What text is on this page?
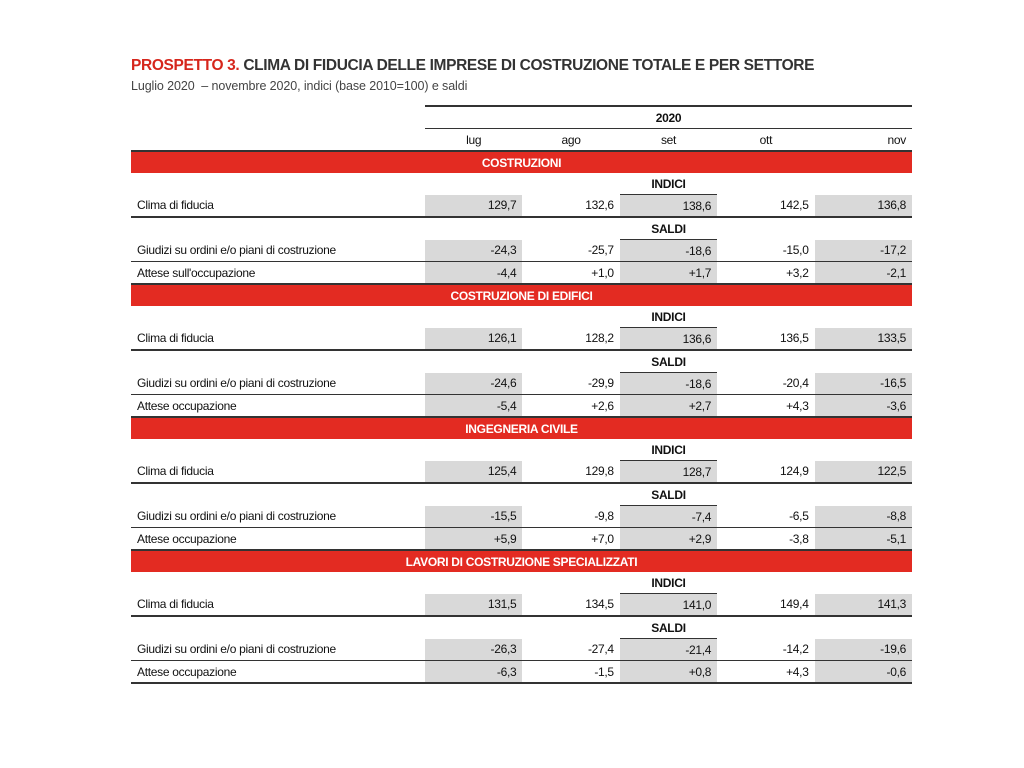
PROSPETTO 3. CLIMA DI FIDUCIA DELLE IMPRESE DI COSTRUZIONE TOTALE E PER SETTORE
Luglio 2020  – novembre 2020, indici (base 2010=100) e saldi
	2020				
	lug	ago	set	ott	nov
COSTRUZIONI					
			INDICI		
Clima di fiducia	129,7	132,6	138,6	142,5	136,8
			SALDI		
Giudizi su ordini e/o piani di costruzione	-24,3	-25,7	-18,6	-15,0	-17,2
Attese sull'occupazione	-4,4	+1,0	+1,7	+3,2	-2,1
COSTRUZIONE DI EDIFICI					
			INDICI		
Clima di fiducia	126,1	128,2	136,6	136,5	133,5
			SALDI		
Giudizi su ordini e/o piani di costruzione	-24,6	-29,9	-18,6	-20,4	-16,5
Attese occupazione	-5,4	+2,6	+2,7	+4,3	-3,6
INGEGNERIA CIVILE					
			INDICI		
Clima di fiducia	125,4	129,8	128,7	124,9	122,5
			SALDI		
Giudizi su ordini e/o piani di costruzione	-15,5	-9,8	-7,4	-6,5	-8,8
Attese occupazione	+5,9	+7,0	+2,9	-3,8	-5,1
LAVORI DI COSTRUZIONE SPECIALIZZATI					
			INDICI		
Clima di fiducia	131,5	134,5	141,0	149,4	141,3
			SALDI		
Giudizi su ordini e/o piani di costruzione	-26,3	-27,4	-21,4	-14,2	-19,6
Attese occupazione	-6,3	-1,5	+0,8	+4,3	-0,6
